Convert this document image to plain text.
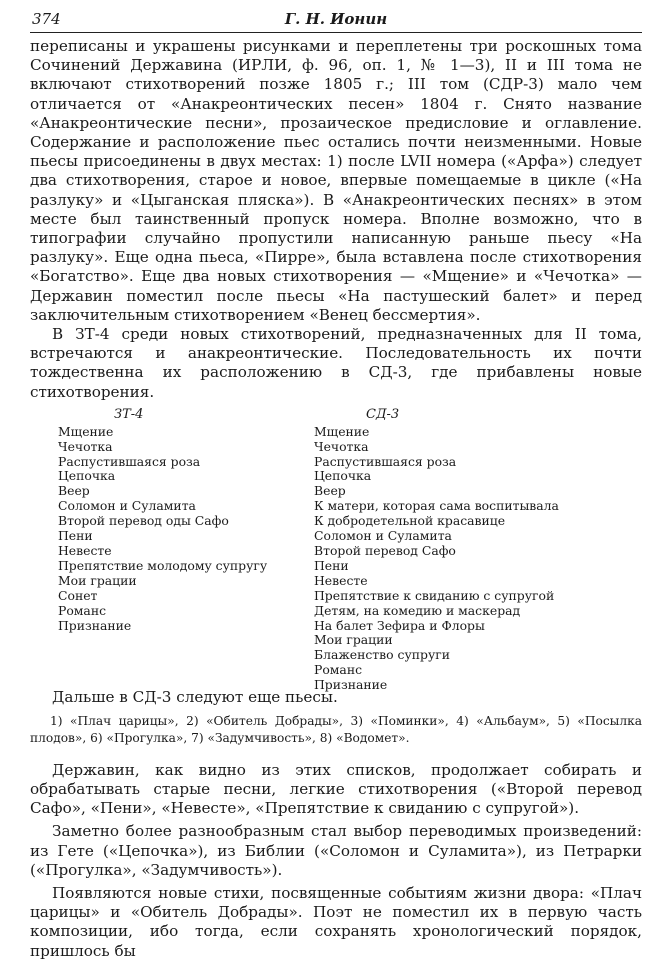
374	Г. Н. Ионин

переписаны и украшены рисунками и переплетены три роскошных тома Сочинений Державина (ИРЛИ, ф. 96, оп. 1, № 1—3), II и III тома не включают стихотворений позже 1805 г.; III том (СДР-3) мало чем отличается от «Анакреонтических песен» 1804 г. Снято название «Анакреонтические песни», прозаическое предисловие и оглавление. Содержание и расположение пьес остались почти неизменными. Новые пьесы присоединены в двух местах: 1) после LVII номера («Арфа») следует два стихотворения, старое и новое, впервые помещаемые в цикле («На разлуку» и «Цыганская пляска»). В «Анакреонтических песнях» в этом месте был таинственный пропуск номера. Вполне возможно, что в типографии случайно пропустили написанную раньше пьесу «На разлуку». Еще одна пьеса, «Пирре», была вставлена после стихотворения «Богатство». Еще два новых стихотворения — «Мщение» и «Чечотка» — Державин поместил после пьесы «На пастушеский балет» и перед заключительным стихотворением «Венец бессмертия».

В ЗТ-4 среди новых стихотворений, предназначенных для II тома, встречаются и анакреонтические. Последовательность их почти тождественна их расположению в СД-3, где прибавлены новые стихотворения.

ЗТ-4
Мщение
Чечотка
Распустившаяся роза
Цепочка
Веер
Соломон и Суламита
Второй перевод оды Сафо
Пени
Невесте
Препятствие молодому супругу
Мои грации
Сонет
Романс
Признание
СД-3
Мщение
Чечотка
Распустившаяся роза
Цепочка
Веер
К матери, которая сама воспитывала
К добродетельной красавице
Соломон и Суламита
Второй перевод Сафо
Пени
Невесте
Препятствие к свиданию с супругой
Детям, на комедию и маскерад
На балет Зефира и Флоры
Мои грации
Блаженство супруги
Романс
Признание
Дальше в СД-3 следуют еще пьесы.

1) «Плач царицы», 2) «Обитель Добрады», 3) «Поминки», 4) «Альбаум», 5) «Посылка плодов», 6) «Прогулка», 7) «Задумчивость», 8) «Водомет».

Державин, как видно из этих списков, продолжает собирать и обрабатывать старые песни, легкие стихотворения («Второй перевод Сафо», «Пени», «Невесте», «Препятствие к свиданию с супругой»).

Заметно более разнообразным стал выбор переводимых произведений: из Гете («Цепочка»), из Библии («Соломон и Суламита»), из Петрарки («Прогулка», «Задумчивость»).

Появляются новые стихи, посвященные событиям жизни двора: «Плач царицы» и «Обитель Добрады». Поэт не поместил их в первую часть композиции, ибо тогда, если сохранять хронологический порядок, пришлось бы
